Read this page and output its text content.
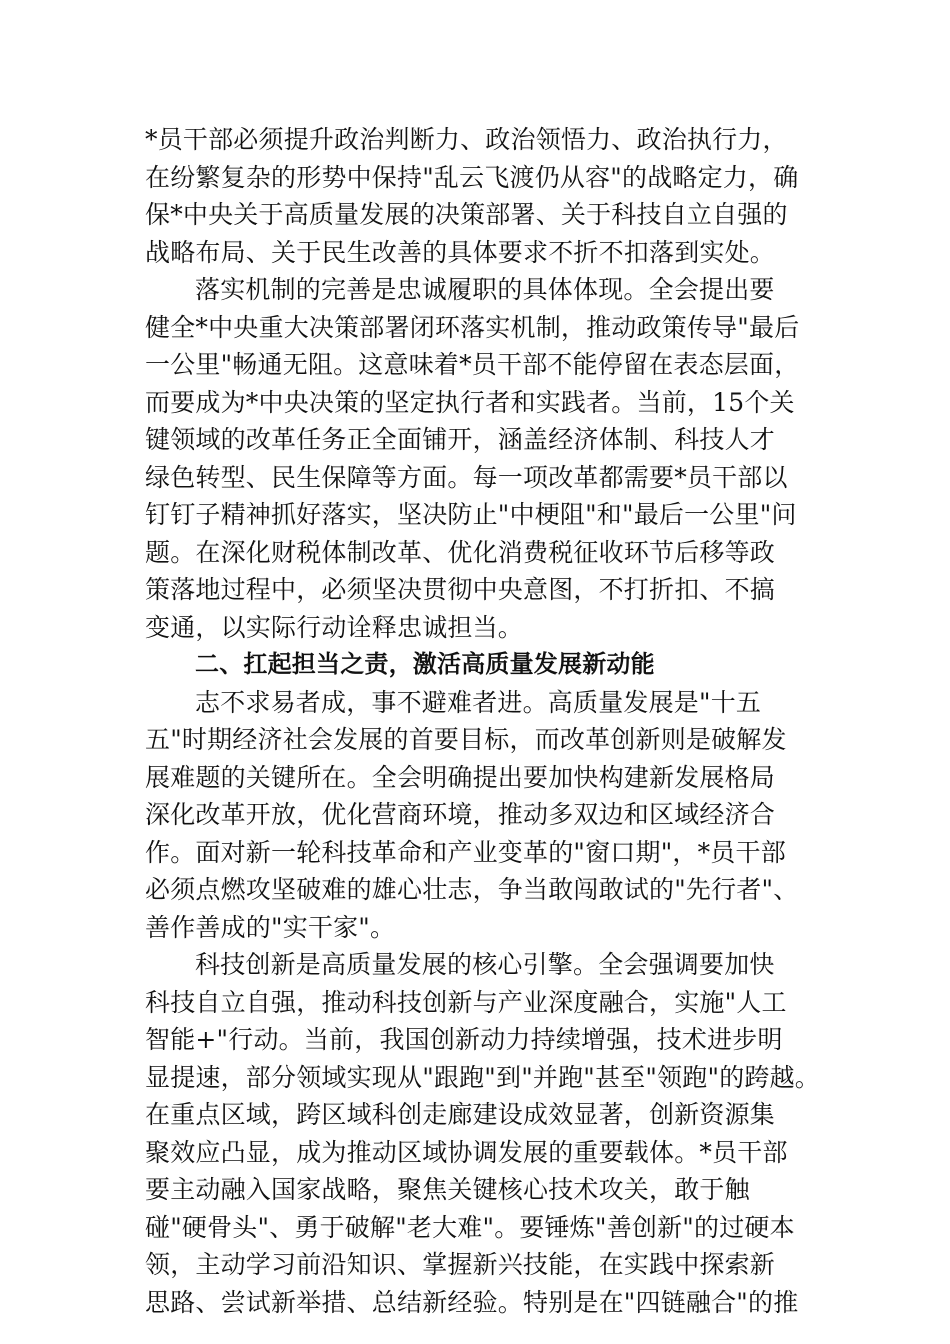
*员干部必须提升政治判断力、政治领悟力、政治执行力，
在纷繁复杂的形势中保持"乱云飞渡仍从容"的战略定力，确
保*中央关于高质量发展的决策部署、关于科技自立自强的
战略布局、关于民生改善的具体要求不折不扣落到实处。
落实机制的完善是忠诚履职的具体体现。全会提出要
健全*中央重大决策部署闭环落实机制，推动政策传导"最后
一公里"畅通无阻。这意味着*员干部不能停留在表态层面，
而要成为*中央决策的坚定执行者和实践者。当前，15个关
键领域的改革任务正全面铺开，涵盖经济体制、科技人才
绿色转型、民生保障等方面。每一项改革都需要*员干部以
钉钉子精神抓好落实，坚决防止"中梗阻"和"最后一公里"问
题。在深化财税体制改革、优化消费税征收环节后移等政
策落地过程中，必须坚决贯彻中央意图，不打折扣、不搞
变通，以实际行动诠释忠诚担当。
二、扛起担当之责，激活高质量发展新动能
志不求易者成，事不避难者进。高质量发展是"十五
五"时期经济社会发展的首要目标，而改革创新则是破解发
展难题的关键所在。全会明确提出要加快构建新发展格局
深化改革开放，优化营商环境，推动多双边和区域经济合
作。面对新一轮科技革命和产业变革的"窗口期"，*员干部
必须点燃攻坚破难的雄心壮志，争当敢闯敢试的"先行者"、
善作善成的"实干家"。
科技创新是高质量发展的核心引擎。全会强调要加快
科技自立自强，推动科技创新与产业深度融合，实施"人工
智能+"行动。当前，我国创新动力持续增强，技术进步明
显提速，部分领域实现从"跟跑"到"并跑"甚至"领跑"的跨越。
在重点区域，跨区域科创走廊建设成效显著，创新资源集
聚效应凸显，成为推动区域协调发展的重要载体。*员干部
要主动融入国家战略，聚焦关键核心技术攻关，敢于触
碰"硬骨头"、勇于破解"老大难"。要锤炼"善创新"的过硬本
领，主动学习前沿知识、掌握新兴技能，在实践中探索新
思路、尝试新举措、总结新经验。特别是在"四链融合"的推
